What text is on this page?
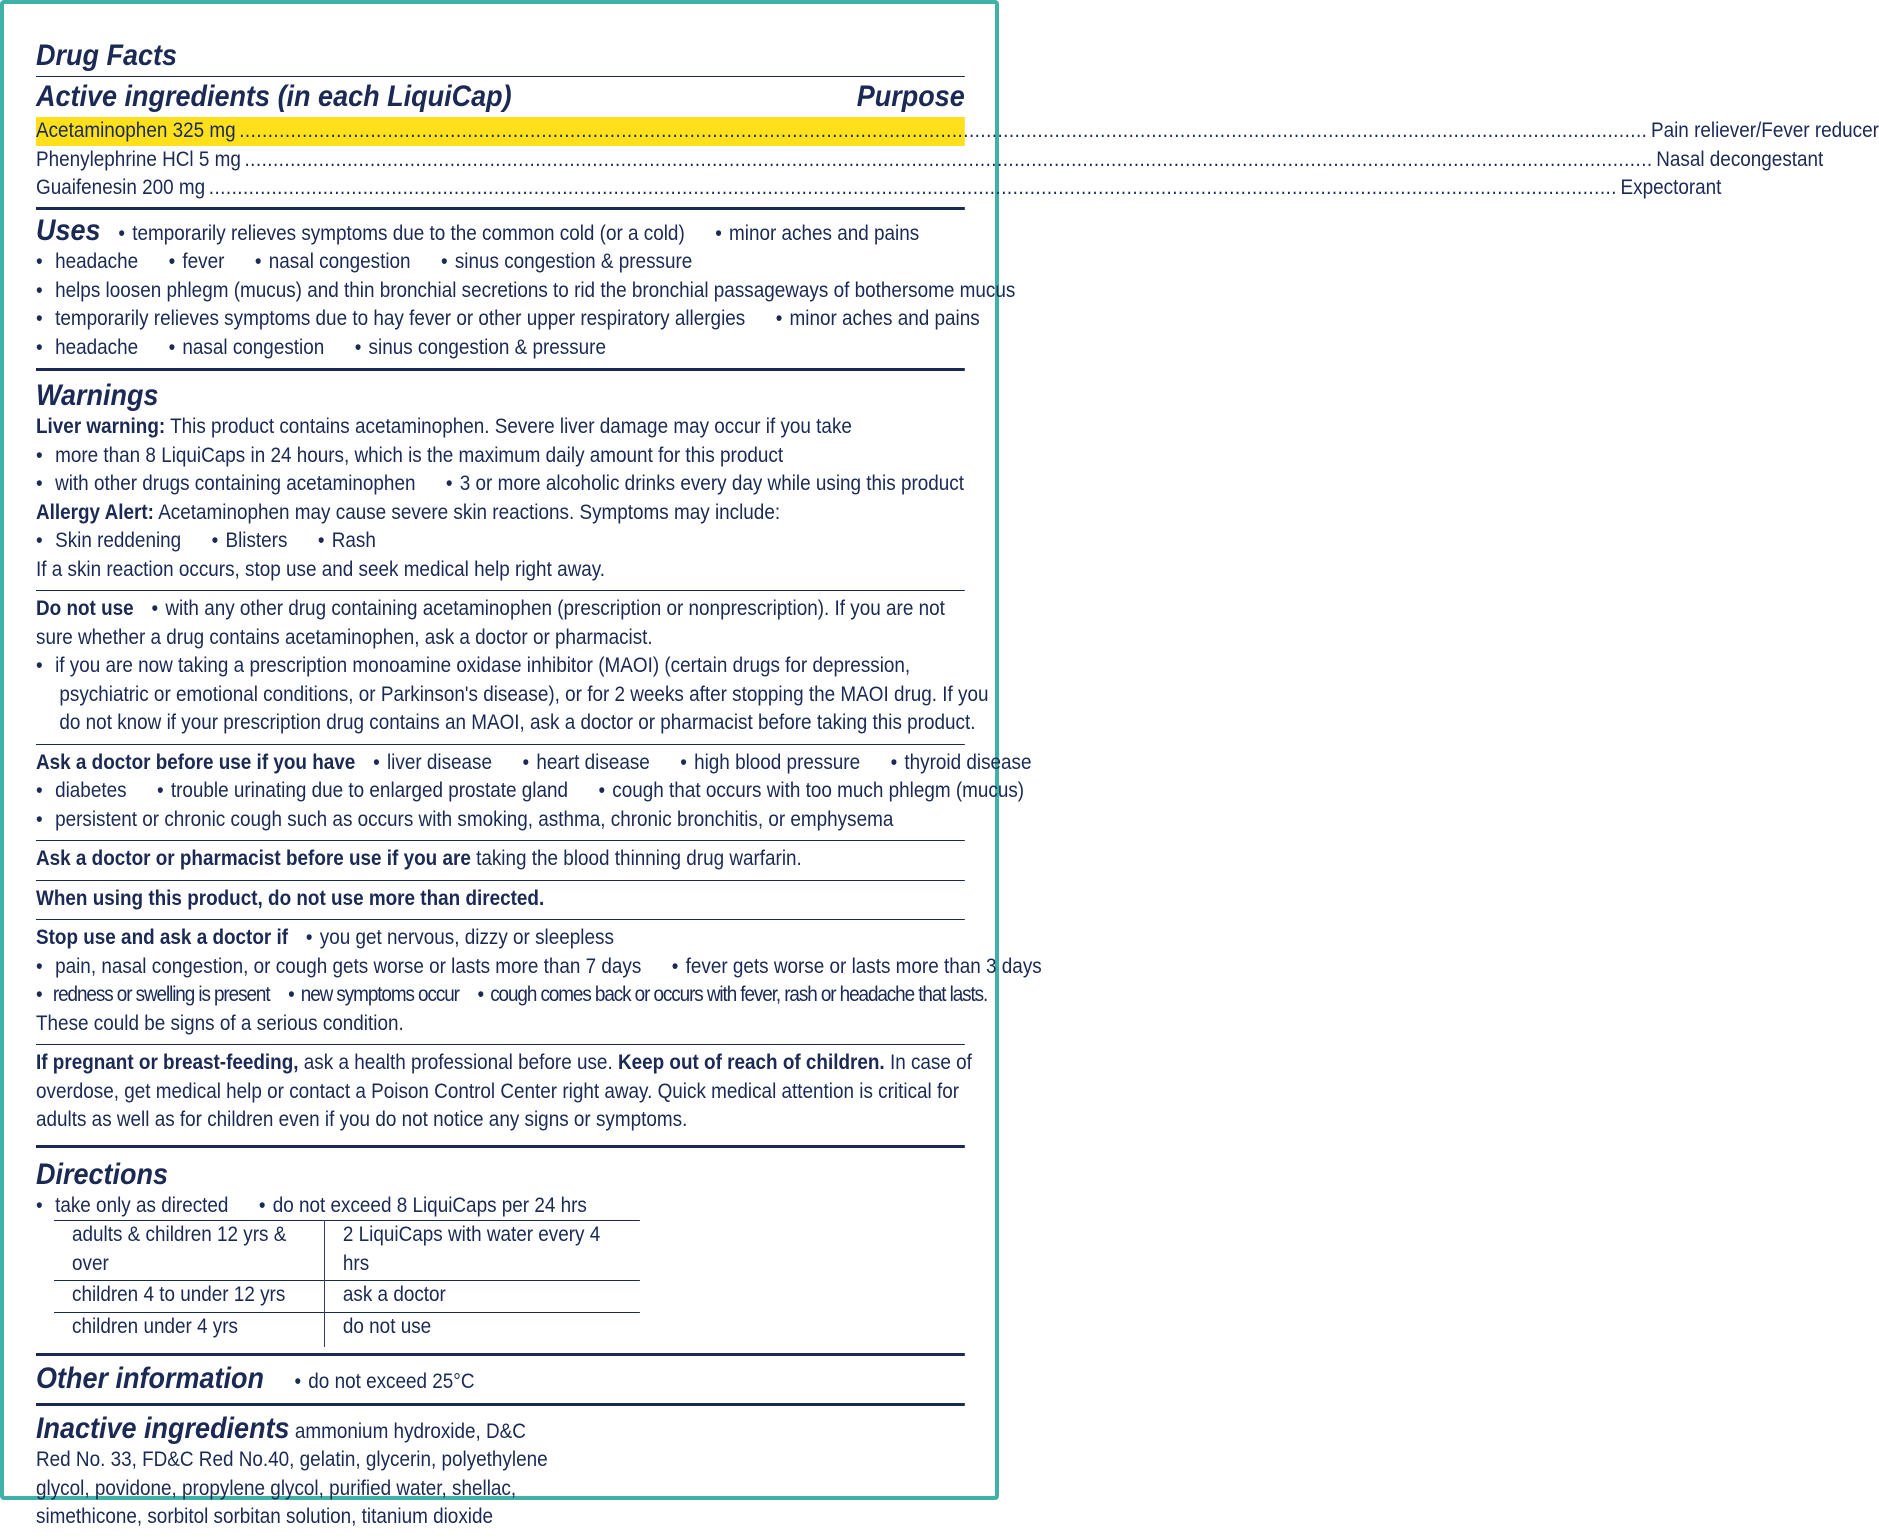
Drug Facts
Active ingredients (in each LiquiCap)	Purpose
Acetaminophen 325 mg .....	Pain reliever/Fever reducer
Phenylephrine HCl 5 mg .....	Nasal decongestant
Guaifenesin 200 mg .....	Expectorant
Uses • temporarily relieves symptoms due to the common cold (or a cold) • minor aches and pains
• headache • fever • nasal congestion • sinus congestion & pressure
• helps loosen phlegm (mucus) and thin bronchial secretions to rid the bronchial passageways of bothersome mucus
• temporarily relieves symptoms due to hay fever or other upper respiratory allergies • minor aches and pains
• headache • nasal congestion • sinus congestion & pressure
Warnings
Liver warning: This product contains acetaminophen. Severe liver damage may occur if you take
• more than 8 LiquiCaps in 24 hours, which is the maximum daily amount for this product
• with other drugs containing acetaminophen • 3 or more alcoholic drinks every day while using this product
Allergy Alert: Acetaminophen may cause severe skin reactions. Symptoms may include:
• Skin reddening • Blisters • Rash
If a skin reaction occurs, stop use and seek medical help right away.
Do not use • with any other drug containing acetaminophen (prescription or nonprescription). If you are not
sure whether a drug contains acetaminophen, ask a doctor or pharmacist.
• if you are now taking a prescription monoamine oxidase inhibitor (MAOI) (certain drugs for depression,
psychiatric or emotional conditions, or Parkinson's disease), or for 2 weeks after stopping the MAOI drug. If you
do not know if your prescription drug contains an MAOI, ask a doctor or pharmacist before taking this product.
Ask a doctor before use if you have • liver disease • heart disease • high blood pressure • thyroid disease
• diabetes • trouble urinating due to enlarged prostate gland • cough that occurs with too much phlegm (mucus)
• persistent or chronic cough such as occurs with smoking, asthma, chronic bronchitis, or emphysema
Ask a doctor or pharmacist before use if you are taking the blood thinning drug warfarin.
When using this product, do not use more than directed.
Stop use and ask a doctor if • you get nervous, dizzy or sleepless
• pain, nasal congestion, or cough gets worse or lasts more than 7 days • fever gets worse or lasts more than 3 days
• redness or swelling is present • new symptoms occur • cough comes back or occurs with fever, rash or headache that lasts.
These could be signs of a serious condition.
If pregnant or breast-feeding, ask a health professional before use. Keep out of reach of children. In case of
overdose, get medical help or contact a Poison Control Center right away. Quick medical attention is critical for
adults as well as for children even if you do not notice any signs or symptoms.
Directions
• take only as directed • do not exceed 8 LiquiCaps per 24 hrs
adults & children 12 yrs & over	2 LiquiCaps with water every 4 hrs
children 4 to under 12 yrs	ask a doctor
children under 4 yrs	do not use
Other information • do not exceed 25°C
Inactive ingredients ammonium hydroxide, D&C
Red No. 33, FD&C Red No.40, gelatin, glycerin, polyethylene
glycol, povidone, propylene glycol, purified water, shellac,
simethicone, sorbitol sorbitan solution, titanium dioxide
